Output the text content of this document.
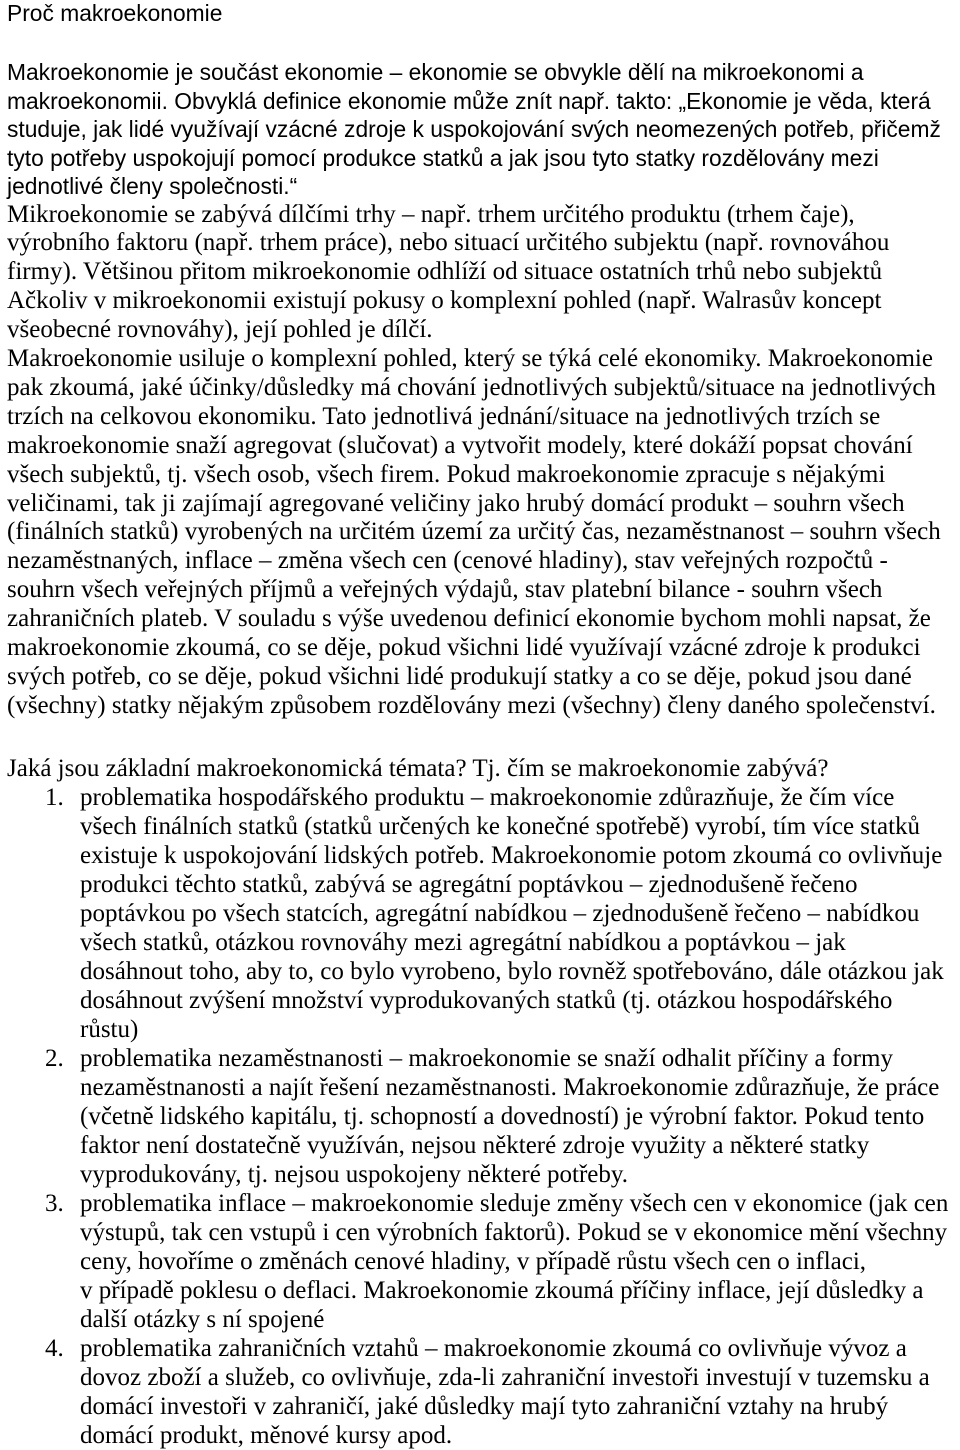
Proč makroekonomie
Makroekonomie je součást ekonomie – ekonomie se obvykle dělí na mikroekonomi a
makroekonomii. Obvyklá definice ekonomie může znít např. takto: „Ekonomie je věda, která
studuje, jak lidé využívají vzácné zdroje k uspokojování svých neomezených potřeb, přičemž
tyto potřeby uspokojují pomocí produkce statků a jak jsou tyto statky rozdělovány mezi
jednotlivé členy společnosti.“
Mikroekonomie se zabývá dílčími trhy – např. trhem určitého produktu (trhem čaje),
výrobního faktoru (např. trhem práce), nebo situací určitého subjektu (např. rovnováhou
firmy). Většinou přitom mikroekonomie odhlíží od situace ostatních trhů nebo subjektů
Ačkoliv v mikroekonomii existují pokusy o komplexní pohled (např. Walrasův koncept
všeobecné rovnováhy), její pohled je dílčí.
Makroekonomie usiluje o komplexní pohled, který se týká celé ekonomiky. Makroekonomie
pak zkoumá, jaké účinky/důsledky má chování jednotlivých subjektů/situace na jednotlivých
trzích na celkovou ekonomiku. Tato jednotlivá jednání/situace na jednotlivých trzích se
makroekonomie snaží agregovat (slučovat) a vytvořit modely, které dokáží popsat chování
všech subjektů, tj. všech osob, všech firem. Pokud makroekonomie zpracuje s nějakými
veličinami, tak ji zajímají agregované veličiny jako hrubý domácí produkt – souhrn všech
(finálních statků) vyrobených na určitém území za určitý čas, nezaměstnanost – souhrn všech
nezaměstnaných, inflace – změna všech cen (cenové hladiny), stav veřejných rozpočtů -
souhrn všech veřejných příjmů a veřejných výdajů, stav platební bilance - souhrn všech
zahraničních plateb. V souladu s výše uvedenou definicí ekonomie bychom mohli napsat, že
makroekonomie zkoumá, co se děje, pokud všichni lidé využívají vzácné zdroje k produkci
svých potřeb, co se děje, pokud všichni lidé produkují statky a co se děje, pokud jsou dané
(všechny) statky nějakým způsobem rozdělovány mezi (všechny) členy daného společenství.
Jaká jsou základní makroekonomická témata? Tj. čím se makroekonomie zabývá?
1. problematika hospodářského produktu – makroekonomie zdůrazňuje, že čím více
všech finálních statků (statků určených ke konečné spotřebě) vyrobí, tím více statků
existuje k uspokojování lidských potřeb. Makroekonomie potom zkoumá co ovlivňuje
produkci těchto statků, zabývá se agregátní poptávkou – zjednodušeně řečeno
poptávkou po všech statcích, agregátní nabídkou – zjednodušeně řečeno – nabídkou
všech statků, otázkou rovnováhy mezi agregátní nabídkou a poptávkou – jak
dosáhnout toho, aby to, co bylo vyrobeno, bylo rovněž spotřebováno, dále otázkou jak
dosáhnout zvýšení množství vyprodukovaných statků (tj. otázkou hospodářského
růstu)
2. problematika nezaměstnanosti – makroekonomie se snaží odhalit příčiny a formy
nezaměstnanosti a najít řešení nezaměstnanosti. Makroekonomie zdůrazňuje, že práce
(včetně lidského kapitálu, tj. schopností a dovedností) je výrobní faktor. Pokud tento
faktor není dostatečně využíván, nejsou některé zdroje využity a některé statky
vyprodukovány, tj. nejsou uspokojeny některé potřeby.
3. problematika inflace – makroekonomie sleduje změny všech cen v ekonomice (jak cen
výstupů, tak cen vstupů i cen výrobních faktorů). Pokud se v ekonomice mění všechny
ceny, hovoříme o změnách cenové hladiny, v případě růstu všech cen o inflaci,
v případě poklesu o deflaci. Makroekonomie zkoumá příčiny inflace, její důsledky a
další otázky s ní spojené
4. problematika zahraničních vztahů – makroekonomie zkoumá co ovlivňuje vývoz a
dovoz zboží a služeb, co ovlivňuje, zda-li zahraniční investoři investují v tuzemsku a
domácí investoři v zahraničí, jaké důsledky mají tyto zahraniční vztahy na hrubý
domácí produkt, měnové kursy apod.
